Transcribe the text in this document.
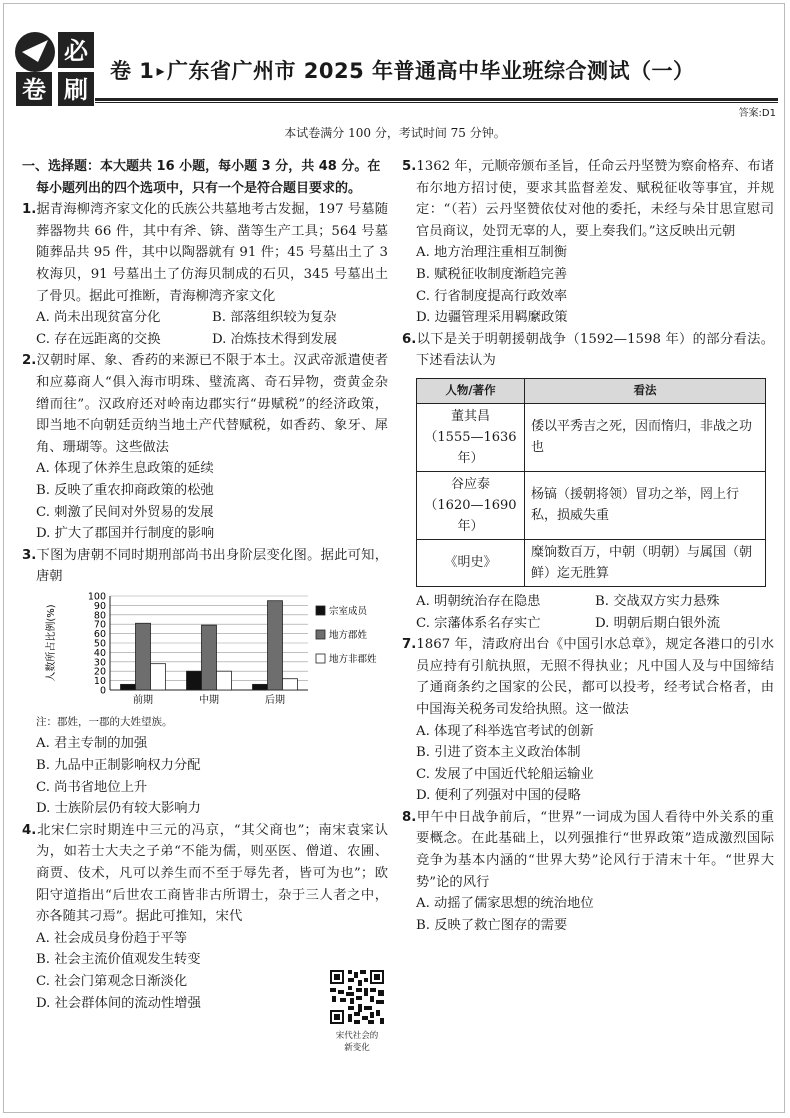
必
卷 刷
卷 1 ▸ 广东省广州市 2025 年普通高中毕业班综合测试（一）
答案:D1
本试卷满分 100 分，考试时间 75 分钟。

一、选择题：本大题共 16 小题，每小题 3 分，共 48 分。在每小题列出的四个选项中，只有一个是符合题目要求的。

1.据青海柳湾齐家文化的氏族公共墓地考古发掘，197 号墓随葬器物共 66 件，其中有斧、锛、凿等生产工具；564 号墓随葬品共 95 件，其中以陶器就有 91 件；45 号墓出土了 3 枚海贝，91 号墓出土了仿海贝制成的石贝，345 号墓出土了骨贝。据此可推断，青海柳湾齐家文化

A. 尚未出现贫富分化	B. 部落组织较为复杂
C. 存在远距离的交换	D. 冶炼技术得到发展

2.汉朝时犀、象、香药的来源已不限于本土。汉武帝派遣使者和应募商人“俱入海市明珠、璧流离、奇石异物，赍黄金杂缯而往”。汉政府还对岭南边郡实行“毋赋税”的经济政策，即当地不向朝廷贡纳当地土产代替赋税，如香药、象牙、犀角、珊瑚等。这些做法

A. 体现了休养生息政策的延续

B. 反映了重农抑商政策的松弛

C. 刺激了民间对外贸易的发展

D. 扩大了郡国并行制度的影响

3.下图为唐朝不同时期刑部尚书出身阶层变化图。据此可知，唐朝

人数所占比例(%)
0
10
20
30
40
50
60
70
80
90
100
前期	中期	后期
宗室成员
地方郡姓
地方非郡姓

注：郡姓，一郡的大姓望族。

A. 君主专制的加强

B. 九品中正制影响权力分配

C. 尚书省地位上升

D. 士族阶层仍有较大影响力

4.北宋仁宗时期连中三元的冯京，“其父商也”；南宋袁寀认为，如若士大夫之子弟“不能为儒，则巫医、僧道、农圃、商贾、伎术，凡可以养生而不至于辱先者，皆可为也”；欧阳守道指出“后世农工商皆非古所谓士，杂于三人者之中，亦各随其刁焉”。据此可推知，宋代

A. 社会成员身份趋于平等

B. 社会主流价值观发生转变

C. 社会门第观念日渐淡化

D. 社会群体间的流动性增强

宋代社会的
新变化

5.1362 年，元顺帝颁布圣旨，任命云丹坚赞为察俞格弃、布诸布尔地方招讨使，要求其监督差发、赋税征收等事宜，并规定：“（若）云丹坚赞依仗对他的委托，未经与朵甘思宣慰司官员商议，处罚无辜的人，要上奏我们。”这反映出元朝

A. 地方治理注重相互制衡

B. 赋税征收制度渐趋完善

C. 行省制度提高行政效率

D. 边疆管理采用羁縻政策

6.以下是关于明朝援朝战争（1592—1598 年）的部分看法。下述看法认为

人物/著作	看法
董其昌
（1555—1636 年）	倭以平秀吉之死，因而惰归，非战之功也
谷应泰
（1620—1690 年）	杨镐（援朝将领）冒功之举，罔上行私，损威失重
《明史》	糜饷数百万，中朝（明朝）与属国（朝鲜）迄无胜算
A. 明朝统治存在隐患	B. 交战双方实力悬殊
C. 宗藩体系名存实亡	D. 明朝后期白银外流

7.1867 年，清政府出台《中国引水总章》，规定各港口的引水员应持有引航执照，无照不得执业；凡中国人及与中国缔结了通商条约之国家的公民，都可以投考，经考试合格者，由中国海关税务司发给执照。这一做法

A. 体现了科举选官考试的创新

B. 引进了资本主义政治体制

C. 发展了中国近代轮船运输业

D. 便利了列强对中国的侵略

8.甲午中日战争前后，“世界”一词成为国人看待中外关系的重要概念。在此基础上，以列强推行“世界政策”造成激烈国际竞争为基本内涵的“世界大势”论风行于清末十年。“世界大势”论的风行

A. 动摇了儒家思想的统治地位

B. 反映了救亡图存的需要
